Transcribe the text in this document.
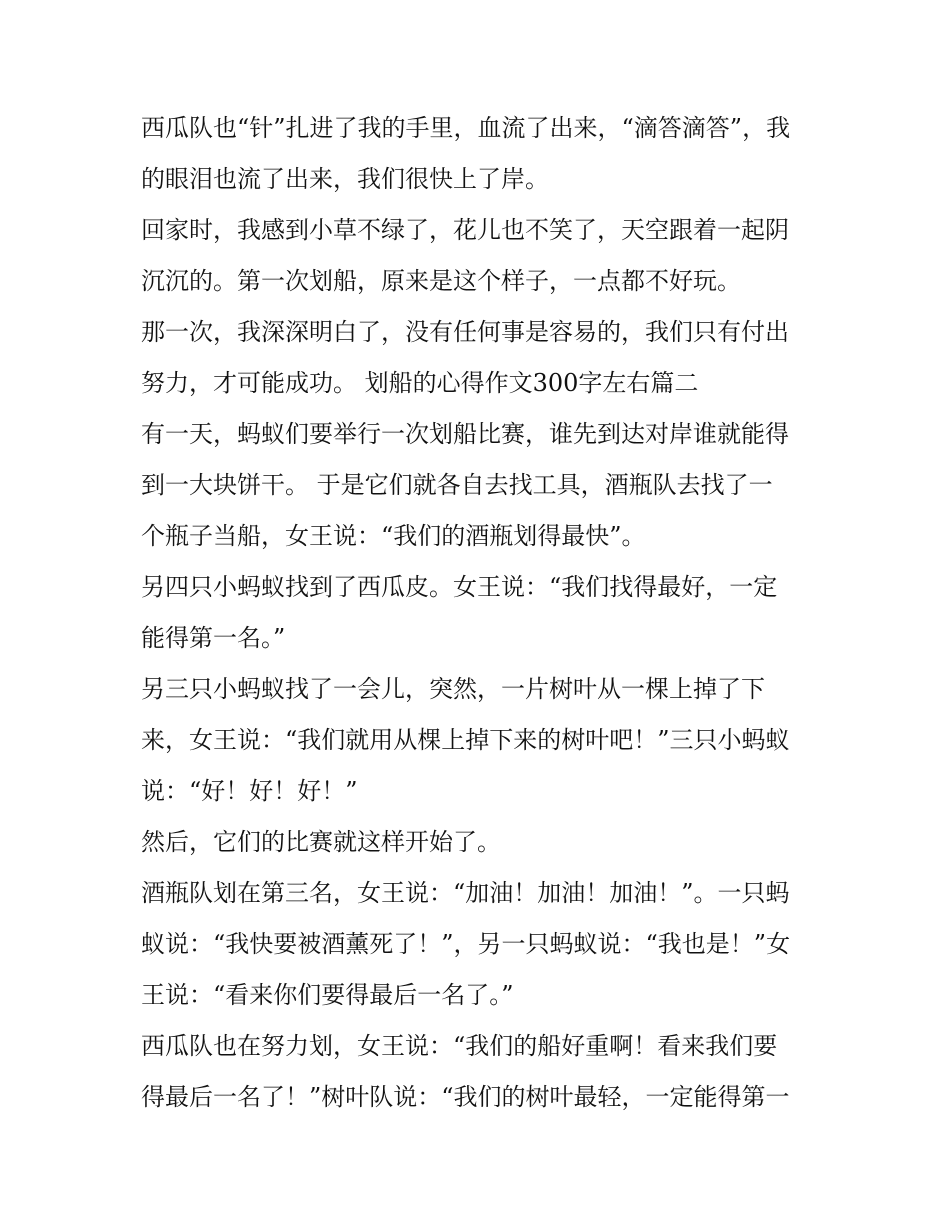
西瓜队也“针”扎进了我的手里，血流了出来，“滴答滴答”，我

的眼泪也流了出来，我们很快上了岸。

回家时，我感到小草不绿了，花儿也不笑了，天空跟着一起阴

沉沉的。第一次划船，原来是这个样子，一点都不好玩。

那一次，我深深明白了，没有任何事是容易的，我们只有付出

努力，才可能成功。 划船的心得作文300字左右篇二

有一天，蚂蚁们要举行一次划船比赛，谁先到达对岸谁就能得

到一大块饼干。 于是它们就各自去找工具，酒瓶队去找了一

个瓶子当船，女王说：“我们的酒瓶划得最快”。

另四只小蚂蚁找到了西瓜皮。女王说：“我们找得最好，一定

能得第一名。”

另三只小蚂蚁找了一会儿，突然，一片树叶从一棵上掉了下

来，女王说：“我们就用从棵上掉下来的树叶吧！”三只小蚂蚁

说：“好！好！好！”

然后，它们的比赛就这样开始了。

酒瓶队划在第三名，女王说：“加油！加油！加油！”。一只蚂

蚁说：“我快要被酒薰死了！”，另一只蚂蚁说：“我也是！”女

王说：“看来你们要得最后一名了。”

西瓜队也在努力划，女王说：“我们的船好重啊！看来我们要

得最后一名了！”树叶队说：“我们的树叶最轻，一定能得第一
